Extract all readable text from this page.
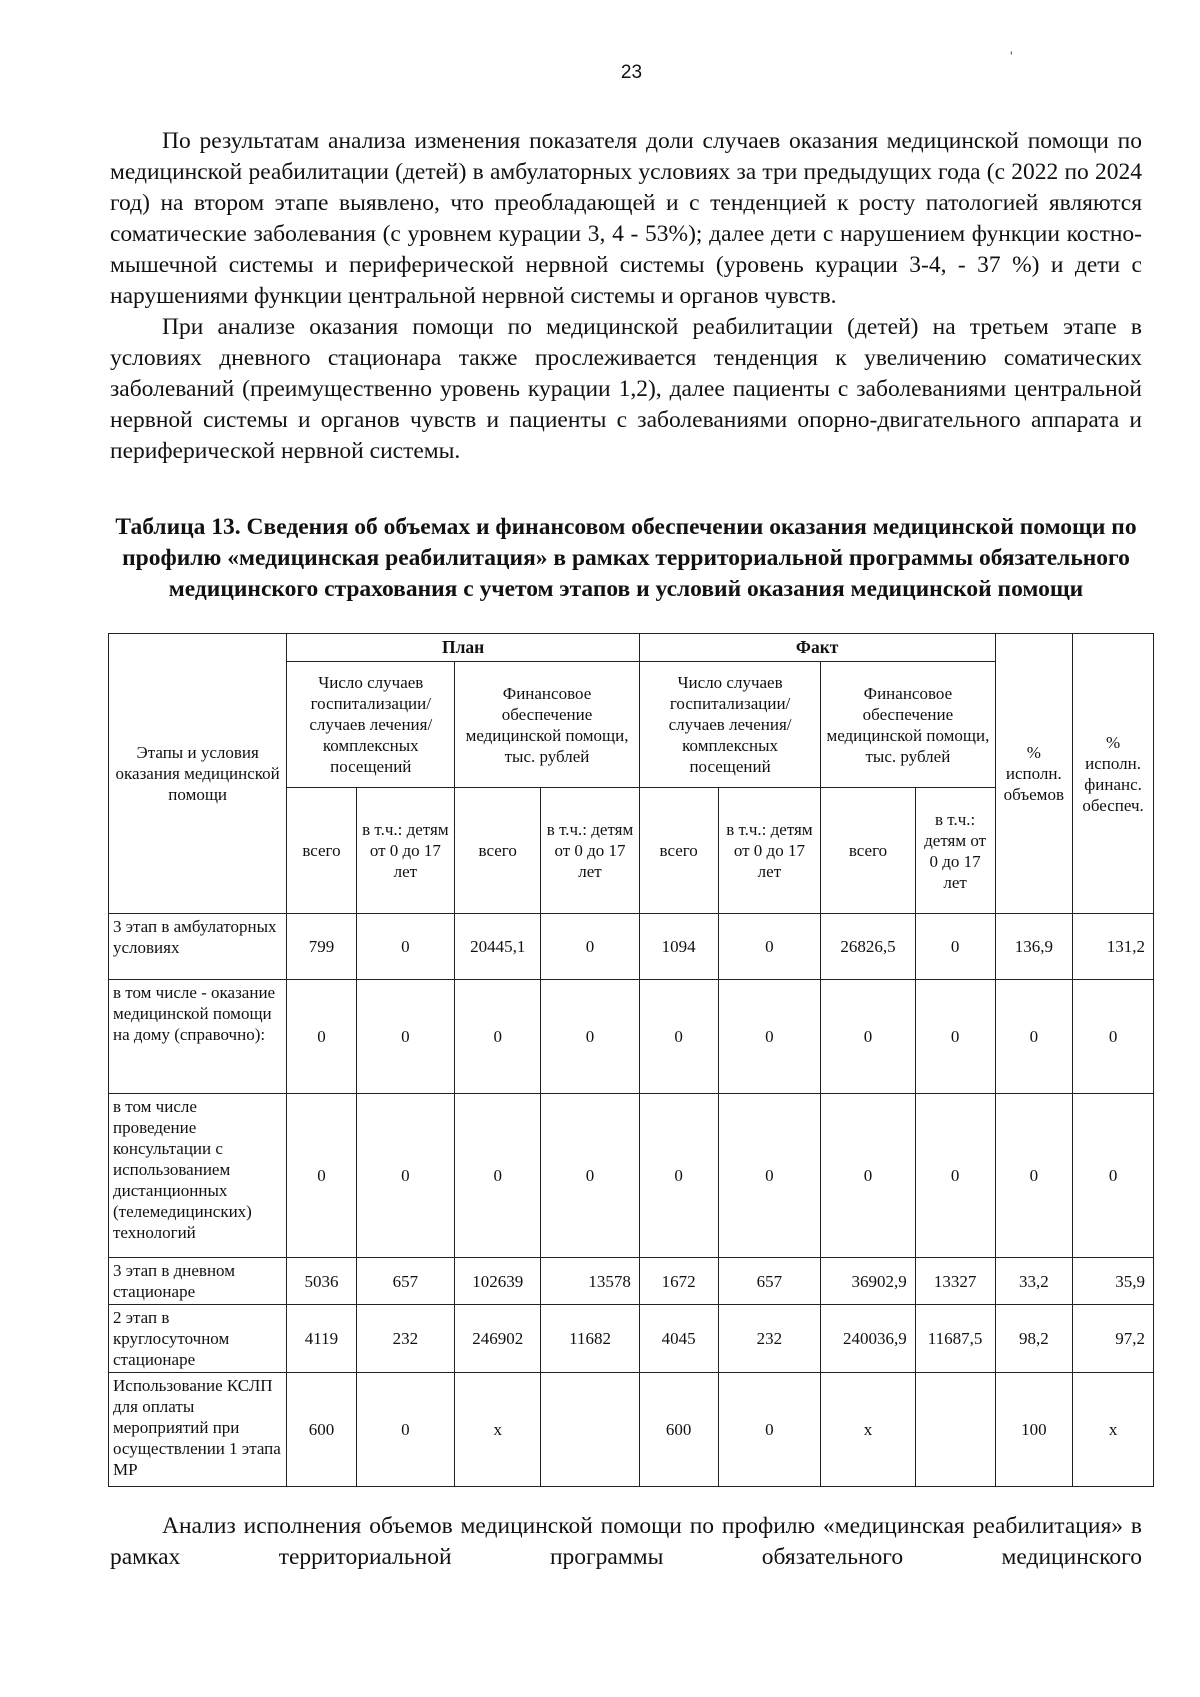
23
'

По результатам анализа изменения показателя доли случаев оказания медицинской помощи по медицинской реабилитации (детей) в амбулаторных условиях за три предыдущих года (с 2022 по 2024 год) на втором этапе выявлено, что преобладающей и с тенденцией к росту патологией являются соматические заболевания (с уровнем курации 3, 4 - 53%); далее дети с нарушением функции костно-мышечной системы и периферической нервной системы (уровень курации 3-4, - 37 %) и дети с нарушениями функции центральной нервной системы и органов чувств.

При анализе оказания помощи по медицинской реабилитации (детей) на третьем этапе в условиях дневного стационара также прослеживается тенденция к увеличению соматических заболеваний (преимущественно уровень курации 1,2), далее пациенты с заболеваниями центральной нервной системы и органов чувств и пациенты с заболеваниями опорно-двигательного аппарата и периферической нервной системы.

Таблица 13. Сведения об объемах и финансовом обеспечении оказания медицинской помощи по профилю «медицинская реабилитация» в рамках территориальной программы обязательного медицинского страхования с учетом этапов и условий оказания медицинской помощи
Этапы и условия оказания медицинской помощи	План				Факт				% исполн. объемов	% исполн. финанс. обеспеч.
	Число случаев госпитализации/ случаев лечения/ комплексных посещений		Финансовое обеспечение медицинской помощи, тыс. рублей		Число случаев госпитализации/ случаев лечения/ комплексных посещений		Финансовое обеспечение медицинской помощи, тыс. рублей			
	всего	в т.ч.: детям от 0 до 17 лет	всего	в т.ч.: детям от 0 до 17 лет	всего	в т.ч.: детям от 0 до 17 лет	всего	в т.ч.: детям от 0 до 17 лет		
3 этап в амбулаторных условиях	799	0	20445,1	0	1094	0	26826,5	0	136,9	131,2
в том числе - оказание медицинской помощи на дому (справочно):	0	0	0	0	0	0	0	0	0	0
в том числе проведение консультации с использованием дистанционных (телемедицинских) технологий	0	0	0	0	0	0	0	0	0	0
3 этап в дневном стационаре	5036	657	102639	13578	1672	657	36902,9	13327	33,2	35,9
2 этап в круглосуточном стационаре	4119	232	246902	11682	4045	232	240036,9	11687,5	98,2	97,2
Использование КСЛП для оплаты мероприятий при осуществлении 1 этапа МР	600	0	x		600	0	x		100	x

Анализ исполнения объемов медицинской помощи по профилю «медицинская реабилитация» в рамках территориальной программы обязательного медицинского
